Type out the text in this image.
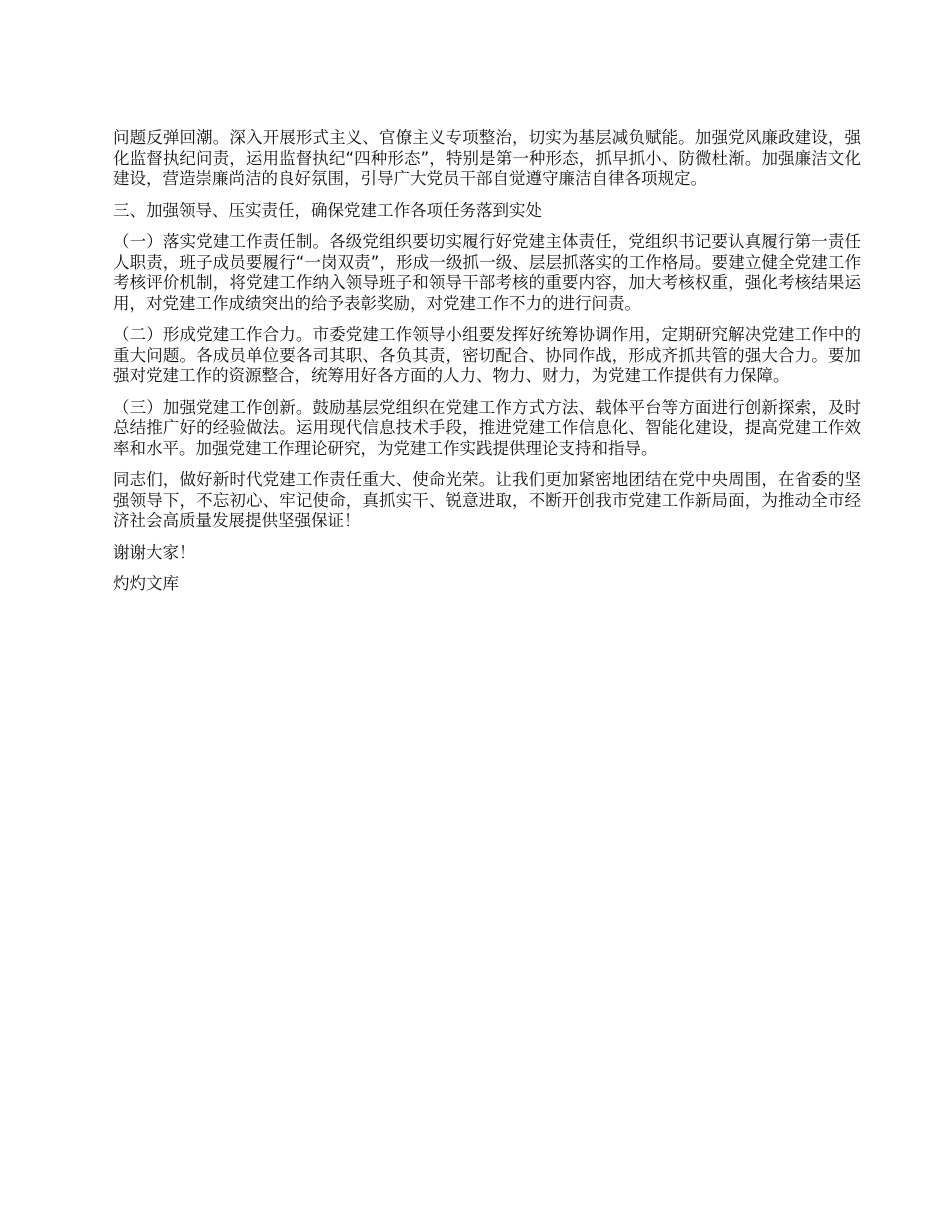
问题反弹回潮。深入开展形式主义、官僚主义专项整治，切实为基层减负赋能。加强党风廉政建设，强化监督执纪问责，运用监督执纪“四种形态”，特别是第一种形态，抓早抓小、防微杜渐。加强廉洁文化建设，营造崇廉尚洁的良好氛围，引导广大党员干部自觉遵守廉洁自律各项规定。

三、加强领导、压实责任，确保党建工作各项任务落到实处

（一）落实党建工作责任制。各级党组织要切实履行好党建主体责任，党组织书记要认真履行第一责任人职责，班子成员要履行“一岗双责”，形成一级抓一级、层层抓落实的工作格局。要建立健全党建工作考核评价机制，将党建工作纳入领导班子和领导干部考核的重要内容，加大考核权重，强化考核结果运用，对党建工作成绩突出的给予表彰奖励，对党建工作不力的进行问责。

（二）形成党建工作合力。市委党建工作领导小组要发挥好统筹协调作用，定期研究解决党建工作中的重大问题。各成员单位要各司其职、各负其责，密切配合、协同作战，形成齐抓共管的强大合力。要加强对党建工作的资源整合，统筹用好各方面的人力、物力、财力，为党建工作提供有力保障。

（三）加强党建工作创新。鼓励基层党组织在党建工作方式方法、载体平台等方面进行创新探索，及时总结推广好的经验做法。运用现代信息技术手段，推进党建工作信息化、智能化建设，提高党建工作效率和水平。加强党建工作理论研究，为党建工作实践提供理论支持和指导。

同志们，做好新时代党建工作责任重大、使命光荣。让我们更加紧密地团结在党中央周围，在省委的坚强领导下，不忘初心、牢记使命，真抓实干、锐意进取，不断开创我市党建工作新局面，为推动全市经济社会高质量发展提供坚强保证！

谢谢大家！

灼灼文库
